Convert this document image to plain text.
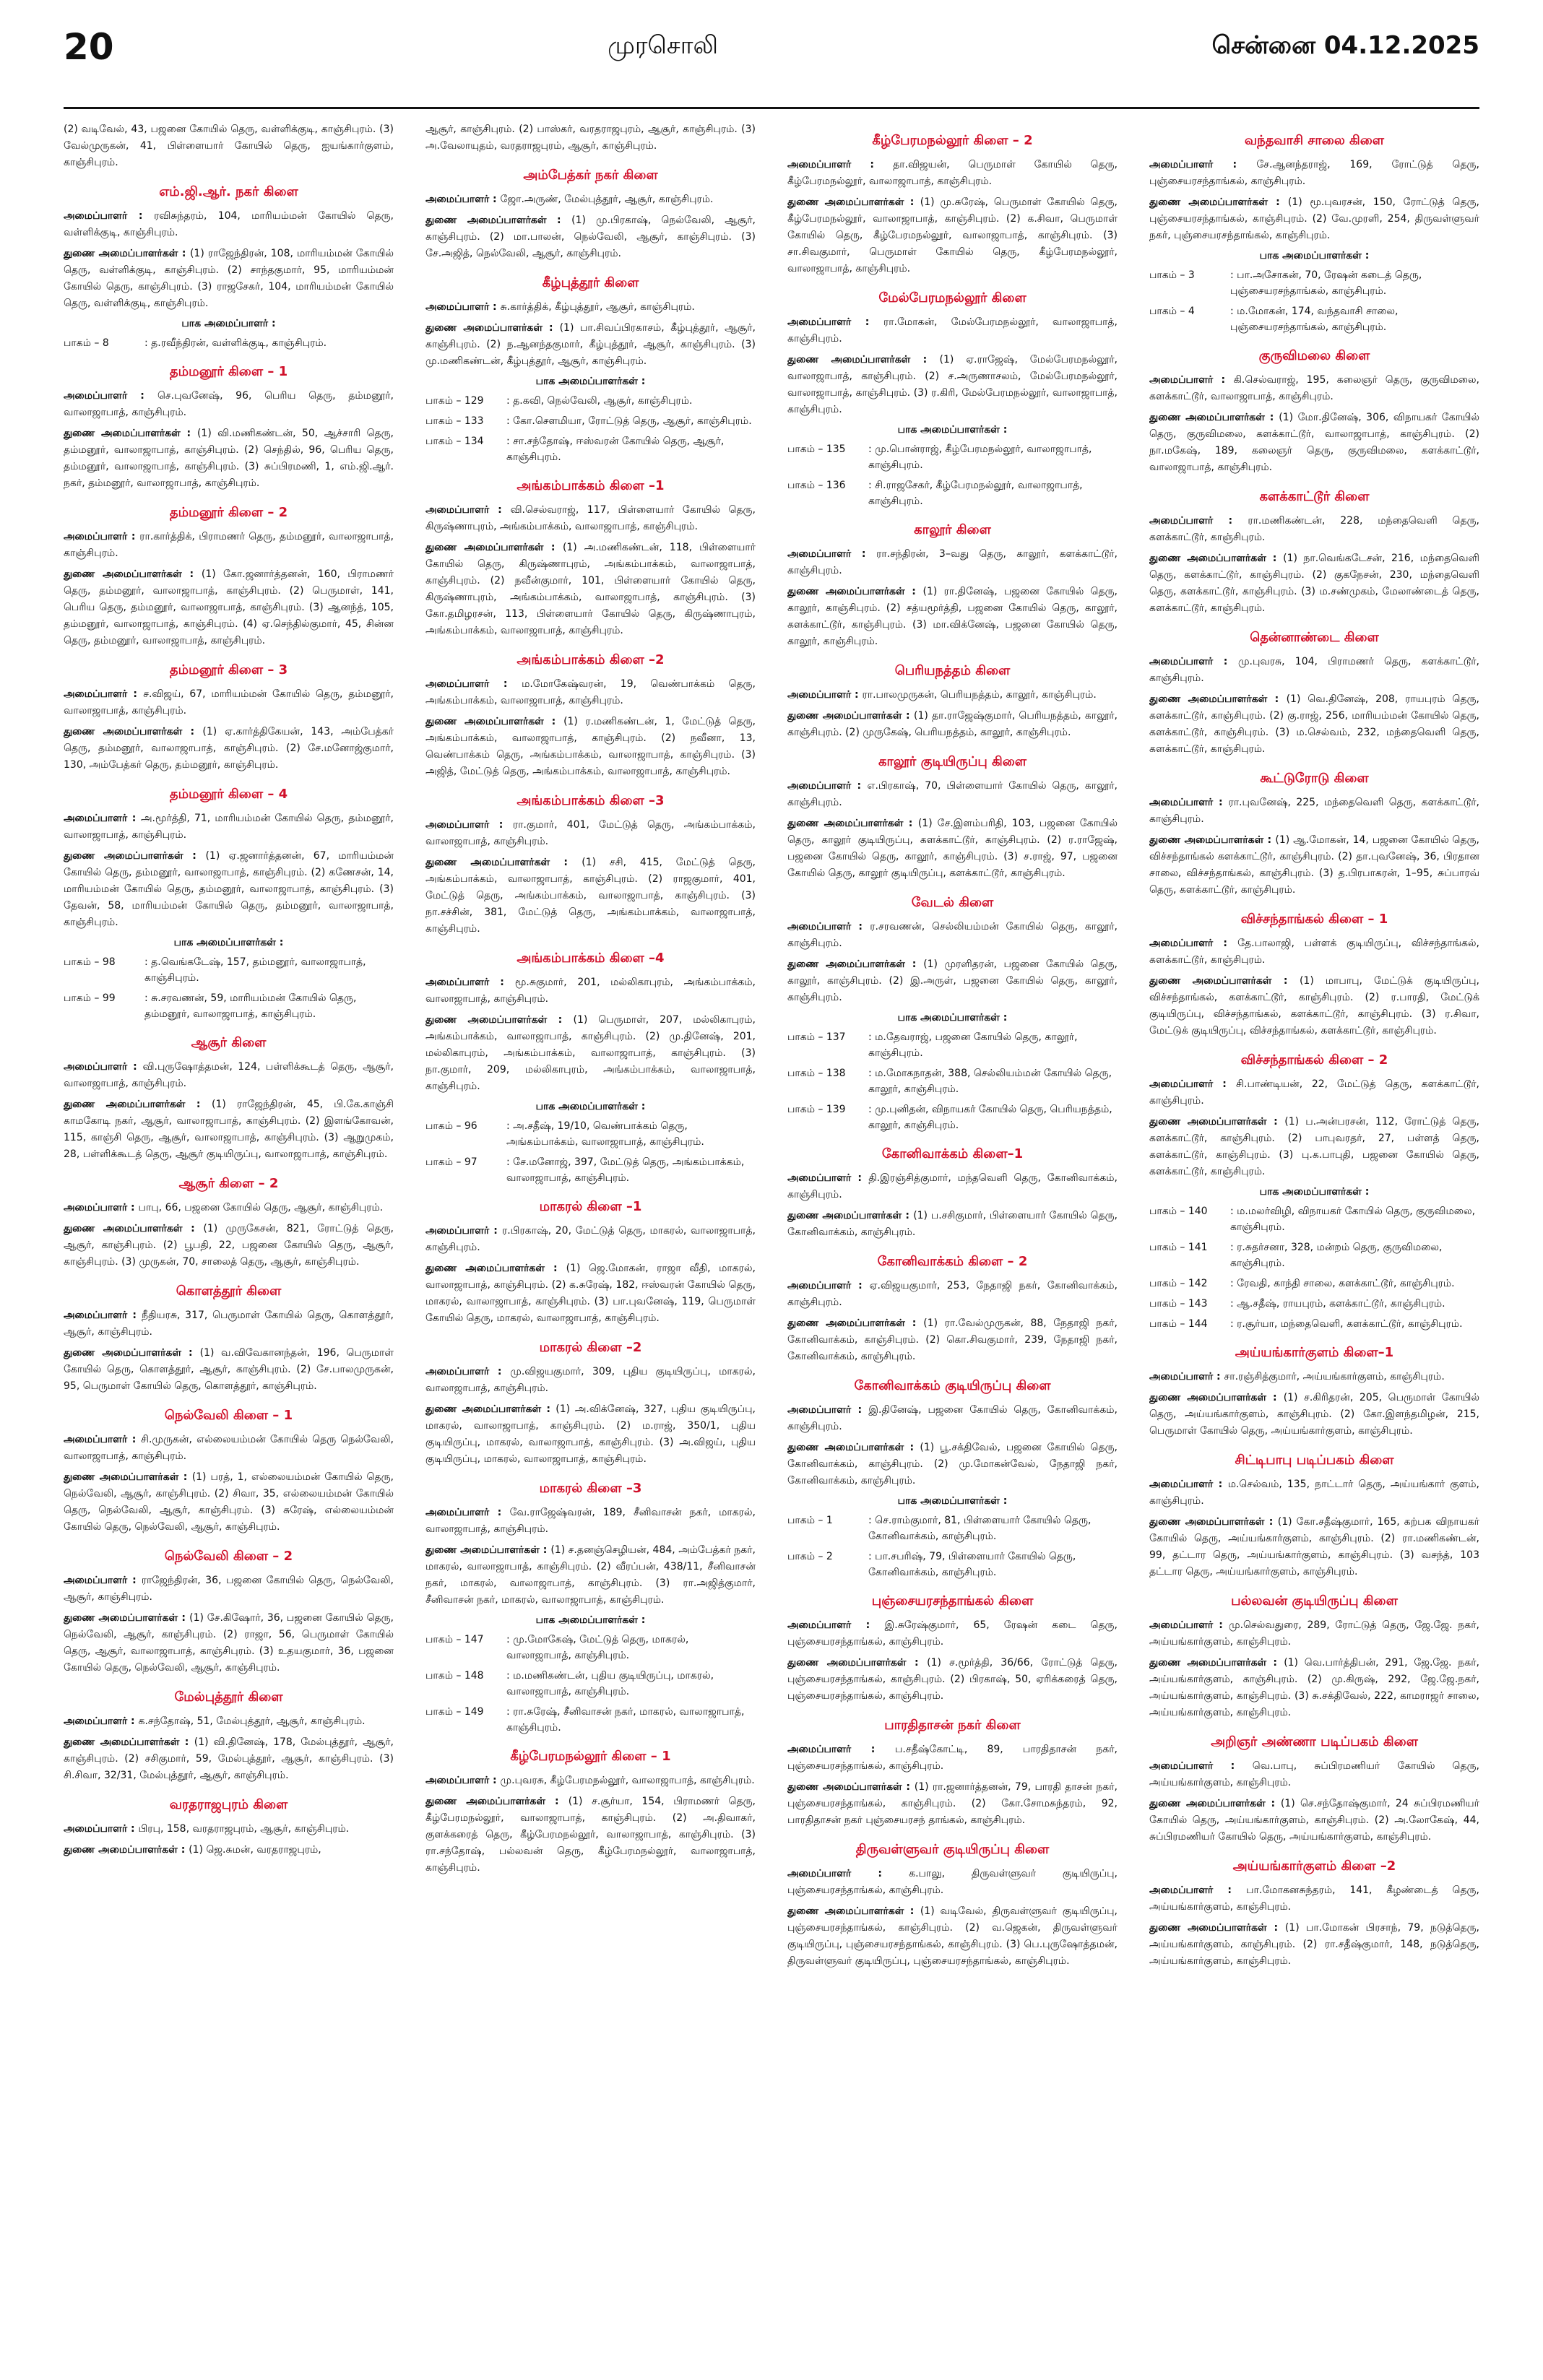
20	முரசொலி	சென்னை 04.12.2025

(2) வடிவேல், 43, பஜனை கோயில் தெரு, வள்ளிக்குடி, காஞ்சிபுரம். (3) வேல்முருகன், 41, பிள்ளையார் கோயில் தெரு, ஐயங்கார்குளம், காஞ்சிபுரம்.

எம்.ஜி.ஆர். நகர் கிளை

அமைப்பாளர் : ரவிசுந்தரம், 104, மாரியம்மன் கோயில் தெரு, வள்ளிக்குடி, காஞ்சிபுரம்.

துணை அமைப்பாளர்கள் : (1) ராஜேந்திரன், 108, மாரியம்மன் கோயில் தெரு, வள்ளிக்குடி, காஞ்சிபுரம். (2) சாந்தகுமார், 95, மாரியம்மன் கோயில் தெரு, காஞ்சிபுரம். (3) ராஜசேகர், 104, மாரியம்மன் கோயில் தெரு, வள்ளிக்குடி, காஞ்சிபுரம்.

பாக அமைப்பாளர் :
பாகம் – 8	: த.ரவீந்திரன், வள்ளிக்குடி, காஞ்சிபுரம்.
தம்மனூர் கிளை – 1

அமைப்பாளர் : செ.புவனேஷ், 96, பெரிய தெரு, தம்மனூர், வாலாஜாபாத், காஞ்சிபுரம்.

துணை அமைப்பாளர்கள் : (1) வி.மணிகண்டன், 50, ஆச்சாரி தெரு, தம்மனூர், வாலாஜாபாத், காஞ்சிபுரம். (2) செந்தில், 96, பெரிய தெரு, தம்மனூர், வாலாஜாபாத், காஞ்சிபுரம். (3) சுப்பிரமணி, 1, எம்.ஜி.ஆர். நகர், தம்மனூர், வாலாஜாபாத், காஞ்சிபுரம்.

தம்மனூர் கிளை – 2

அமைப்பாளர் : ரா.கார்த்திக், பிராமணர் தெரு, தம்மனூர், வாலாஜாபாத், காஞ்சிபுரம்.

துணை அமைப்பாளர்கள் : (1) கோ.ஜனார்த்தனன், 160, பிராமணர் தெரு, தம்மனூர், வாலாஜாபாத், காஞ்சிபுரம். (2) பெருமாள், 141, பெரிய தெரு, தம்மனூர், வாலாஜாபாத், காஞ்சிபுரம். (3) ஆனந்த், 105, தம்மனூர், வாலாஜாபாத், காஞ்சிபுரம். (4) ஏ.செந்தில்குமார், 45, சின்ன தெரு, தம்மனூர், வாலாஜாபாத், காஞ்சிபுரம்.

தம்மனூர் கிளை – 3

அமைப்பாளர் : ச.விஜய், 67, மாரியம்மன் கோயில் தெரு, தம்மனூர், வாலாஜாபாத், காஞ்சிபுரம்.

துணை அமைப்பாளர்கள் : (1) ஏ.கார்த்திகேயன், 143, அம்பேத்கர் தெரு, தம்மனூர், வாலாஜாபாத், காஞ்சிபுரம். (2) சே.மனோஜ்குமார், 130, அம்பேத்கர் தெரு, தம்மனூர், காஞ்சிபுரம்.

தம்மனூர் கிளை – 4

அமைப்பாளர் : அ.மூர்த்தி, 71, மாரியம்மன் கோயில் தெரு, தம்மனூர், வாலாஜாபாத், காஞ்சிபுரம்.

துணை அமைப்பாளர்கள் : (1) ஏ.ஜனார்த்தனன், 67, மாரியம்மன் கோயில் தெரு, தம்மனூர், வாலாஜாபாத், காஞ்சிபுரம். (2) கணேசன், 14, மாரியம்மன் கோயில் தெரு, தம்மனூர், வாலாஜாபாத், காஞ்சிபுரம். (3) தேவன், 58, மாரியம்மன் கோயில் தெரு, தம்மனூர், வாலாஜாபாத், காஞ்சிபுரம்.

பாக அமைப்பாளர்கள் :
பாகம் – 98	: த.வெங்கடேஷ், 157, தம்மனூர், வாலாஜாபாத், காஞ்சிபுரம்.
பாகம் – 99	: சு.சரவணன், 59, மாரியம்மன் கோயில் தெரு, தம்மனூர், வாலாஜாபாத், காஞ்சிபுரம்.
ஆசூர் கிளை

அமைப்பாளர் : வி.புருஷோத்தமன், 124, பள்ளிக்கூடத் தெரு, ஆசூர், வாலாஜாபாத், காஞ்சிபுரம்.

துணை அமைப்பாளர்கள் : (1) ராஜேந்திரன், 45, பி.கே.காஞ்சி காமகோடி நகர், ஆசூர், வாலாஜாபாத், காஞ்சிபுரம். (2) இளங்கோவன், 115, காஞ்சி தெரு, ஆசூர், வாலாஜாபாத், காஞ்சிபுரம். (3) ஆறுமுகம், 28, பள்ளிக்கூடத் தெரு, ஆசூர் குடியிருப்பு, வாலாஜாபாத், காஞ்சிபுரம்.

ஆசூர் கிளை – 2

அமைப்பாளர் : பாபு, 66, பஜனை கோயில் தெரு, ஆசூர், காஞ்சிபுரம்.

துணை அமைப்பாளர்கள் : (1) முருகேசன், 821, ரோட்டுத் தெரு, ஆசூர், காஞ்சிபுரம். (2) பூபதி, 22, பஜனை கோயில் தெரு, ஆசூர், காஞ்சிபுரம். (3) முருகன், 70, சாலைத் தெரு, ஆசூர், காஞ்சிபுரம்.

கொளத்தூர் கிளை

அமைப்பாளர் : நீதியரசு, 317, பெருமாள் கோயில் தெரு, கொளத்தூர், ஆசூர், காஞ்சிபுரம்.

துணை அமைப்பாளர்கள் : (1) வ.விவேகானந்தன், 196, பெருமாள் கோயில் தெரு, கொளத்தூர், ஆசூர், காஞ்சிபுரம். (2) சே.பாலமுருகன், 95, பெருமாள் கோயில் தெரு, கொளத்தூர், காஞ்சிபுரம்.

நெல்வேலி கிளை – 1

அமைப்பாளர் : சி.முருகன், எல்லையம்மன் கோயில் தெரு நெல்வேலி, வாலாஜாபாத், காஞ்சிபுரம்.

துணை அமைப்பாளர்கள் : (1) பரத், 1, எல்லையம்மன் கோயில் தெரு, நெல்வேலி, ஆசூர், காஞ்சிபுரம். (2) சிவா, 35, எல்லையம்மன் கோயில் தெரு, நெல்வேலி, ஆசூர், காஞ்சிபுரம். (3) சுரேஷ், எல்லையம்மன் கோயில் தெரு, நெல்வேலி, ஆசூர், காஞ்சிபுரம்.

நெல்வேலி கிளை – 2

அமைப்பாளர் : ராஜேந்திரன், 36, பஜனை கோயில் தெரு, நெல்வேலி, ஆசூர், காஞ்சிபுரம்.

துணை அமைப்பாளர்கள் : (1) சே.கிஷோர், 36, பஜனை கோயில் தெரு, நெல்வேலி, ஆசூர், காஞ்சிபுரம். (2) ராஜா, 56, பெருமாள் கோயில் தெரு, ஆசூர், வாலாஜாபாத், காஞ்சிபுரம். (3) உதயகுமார், 36, பஜனை கோயில் தெரு, நெல்வேலி, ஆசூர், காஞ்சிபுரம்.

மேல்புத்தூர் கிளை

அமைப்பாளர் : க.சந்தோஷ், 51, மேல்புத்தூர், ஆசூர், காஞ்சிபுரம்.

துணை அமைப்பாளர்கள் : (1) வி.தினேஷ், 178, மேல்புத்தூர், ஆசூர், காஞ்சிபுரம். (2) சசிகுமார், 59, மேல்புத்தூர், ஆசூர், காஞ்சிபுரம். (3) சி.சிவா, 32/31, மேல்புத்தூர், ஆசூர், காஞ்சிபுரம்.

வரதராஜபுரம் கிளை

அமைப்பாளர் : பிரபு, 158, வரதராஜபுரம், ஆசூர், காஞ்சிபுரம்.

துணை அமைப்பாளர்கள் : (1) ஜெ.சுமன், வரதராஜபுரம்,

ஆசூர், காஞ்சிபுரம். (2) பாஸ்கர், வரதராஜபுரம், ஆசூர், காஞ்சிபுரம். (3) அ.வேலாயுதம், வரதராஜபுரம், ஆசூர், காஞ்சிபுரம்.

அம்பேத்கர் நகர் கிளை

அமைப்பாளர் : ஜோ.அருண், மேல்புத்தூர், ஆசூர், காஞ்சிபுரம்.

துணை அமைப்பாளர்கள் : (1) மு.பிரகாஷ், நெல்வேலி, ஆசூர், காஞ்சிபுரம். (2) மா.பாலன், நெல்வேலி, ஆசூர், காஞ்சிபுரம். (3) சே.அஜித், நெல்வேலி, ஆசூர், காஞ்சிபுரம்.

கீழ்புத்தூர் கிளை

அமைப்பாளர் : சு.கார்த்திக், கீழ்புத்தூர், ஆசூர், காஞ்சிபுரம்.

துணை அமைப்பாளர்கள் : (1) பா.சிவப்பிரகாசம், கீழ்புத்தூர், ஆசூர், காஞ்சிபுரம். (2) ந.ஆனந்தகுமார், கீழ்புத்தூர், ஆசூர், காஞ்சிபுரம். (3) மு.மணிகண்டன், கீழ்புத்தூர், ஆசூர், காஞ்சிபுரம்.

பாக அமைப்பாளர்கள் :
பாகம் – 129	: த.கவி, நெல்வேலி, ஆசூர், காஞ்சிபுரம்.
பாகம் – 133	: கோ.சௌமியா, ரோட்டுத் தெரு, ஆசூர், காஞ்சிபுரம்.
பாகம் – 134	: சா.சந்தோஷ், ஈஸ்வரன் கோயில் தெரு, ஆசூர், காஞ்சிபுரம்.
அங்கம்பாக்கம் கிளை –1

அமைப்பாளர் : வி.செல்வராஜ், 117, பிள்ளையார் கோயில் தெரு, கிருஷ்ணாபுரம், அங்கம்பாக்கம், வாலாஜாபாத், காஞ்சிபுரம்.

துணை அமைப்பாளர்கள் : (1) அ.மணிகண்டன், 118, பிள்ளையார் கோயில் தெரு, கிருஷ்ணாபுரம், அங்கம்பாக்கம், வாலாஜாபாத், காஞ்சிபுரம். (2) நவீன்குமார், 101, பிள்ளையார் கோயில் தெரு, கிருஷ்ணாபுரம், அங்கம்பாக்கம், வாலாஜாபாத், காஞ்சிபுரம். (3) கோ.தமிழரசன், 113, பிள்ளையார் கோயில் தெரு, கிருஷ்ணாபுரம், அங்கம்பாக்கம், வாலாஜாபாத், காஞ்சிபுரம்.

அங்கம்பாக்கம் கிளை –2

அமைப்பாளர் : ம.மோகேஷ்வரன், 19, வெண்பாக்கம் தெரு, அங்கம்பாக்கம், வாலாஜாபாத், காஞ்சிபுரம்.

துணை அமைப்பாளர்கள் : (1) ர.மணிகண்டன், 1, மேட்டுத் தெரு, அங்கம்பாக்கம், வாலாஜாபாத், காஞ்சிபுரம். (2) நவீனா, 13, வெண்பாக்கம் தெரு, அங்கம்பாக்கம், வாலாஜாபாத், காஞ்சிபுரம். (3) அஜித், மேட்டுத் தெரு, அங்கம்பாக்கம், வாலாஜாபாத், காஞ்சிபுரம்.

அங்கம்பாக்கம் கிளை –3

அமைப்பாளர் : ரா.குமார், 401, மேட்டுத் தெரு, அங்கம்பாக்கம், வாலாஜாபாத், காஞ்சிபுரம்.

துணை அமைப்பாளர்கள் : (1) சசி, 415, மேட்டுத் தெரு, அங்கம்பாக்கம், வாலாஜாபாத், காஞ்சிபுரம். (2) ராஜகுமார், 401, மேட்டுத் தெரு, அங்கம்பாக்கம், வாலாஜாபாத், காஞ்சிபுரம். (3) நா.சச்சின், 381, மேட்டுத் தெரு, அங்கம்பாக்கம், வாலாஜாபாத், காஞ்சிபுரம்.

அங்கம்பாக்கம் கிளை –4

அமைப்பாளர் : மூ.சுகுமார், 201, மல்லிகாபுரம், அங்கம்பாக்கம், வாலாஜாபாத், காஞ்சிபுரம்.

துணை அமைப்பாளர்கள் : (1) பெருமாள், 207, மல்லிகாபுரம், அங்கம்பாக்கம், வாலாஜாபாத், காஞ்சிபுரம். (2) மு.தினேஷ், 201, மல்லிகாபுரம், அங்கம்பாக்கம், வாலாஜாபாத், காஞ்சிபுரம். (3) நா.குமார், 209, மல்லிகாபுரம், அங்கம்பாக்கம், வாலாஜாபாத், காஞ்சிபுரம்.

பாக அமைப்பாளர்கள் :
பாகம் – 96	: அ.சதீஷ், 19/10, வெண்பாக்கம் தெரு, அங்கம்பாக்கம், வாலாஜாபாத், காஞ்சிபுரம்.
பாகம் – 97	: சே.மனோஜ், 397, மேட்டுத் தெரு, அங்கம்பாக்கம், வாலாஜாபாத், காஞ்சிபுரம்.
மாகரல் கிளை –1

அமைப்பாளர் : ர.பிரகாஷ், 20, மேட்டுத் தெரு, மாகரல், வாலாஜாபாத், காஞ்சிபுரம்.

துணை அமைப்பாளர்கள் : (1) ஜெ.மோகன், ராஜா வீதி, மாகரல், வாலாஜாபாத், காஞ்சிபுரம். (2) க.சுரேஷ், 182, ஈஸ்வரன் கோயில் தெரு, மாகரல், வாலாஜாபாத், காஞ்சிபுரம். (3) பா.புவனேஷ், 119, பெருமாள் கோயில் தெரு, மாகரல், வாலாஜாபாத், காஞ்சிபுரம்.

மாகரல் கிளை –2

அமைப்பாளர் : மு.விஜயகுமார், 309, புதிய குடியிருப்பு, மாகரல், வாலாஜாபாத், காஞ்சிபுரம்.

துணை அமைப்பாளர்கள் : (1) அ.விக்னேஷ், 327, புதிய குடியிருப்பு, மாகரல், வாலாஜாபாத், காஞ்சிபுரம். (2) ம.ராஜ், 350/1, புதிய குடியிருப்பு, மாகரல், வாலாஜாபாத், காஞ்சிபுரம். (3) அ.விஜய், புதிய குடியிருப்பு, மாகரல், வாலாஜாபாத், காஞ்சிபுரம்.

மாகரல் கிளை –3

அமைப்பாளர் : வே.ராஜேஷ்வரன், 189, சீனிவாசன் நகர், மாகரல், வாலாஜாபாத், காஞ்சிபுரம்.

துணை அமைப்பாளர்கள் : (1) ச.தனஞ்செழியன், 484, அம்பேத்கர் நகர், மாகரல், வாலாஜாபாத், காஞ்சிபுரம். (2) வீரப்பன், 438/11, சீனிவாசன் நகர், மாகரல், வாலாஜாபாத், காஞ்சிபுரம். (3) ரா.அஜித்குமார், சீனிவாசன் நகர், மாகரல், வாலாஜாபாத், காஞ்சிபுரம்.

பாக அமைப்பாளர்கள் :
பாகம் – 147	: மு.மோகேஷ், மேட்டுத் தெரு, மாகரல், வாலாஜாபாத், காஞ்சிபுரம்.
பாகம் – 148	: ம.மணிகண்டன், புதிய குடியிருப்பு, மாகரல், வாலாஜாபாத், காஞ்சிபுரம்.
பாகம் – 149	: ரா.சுரேஷ், சீனிவாசன் நகர், மாகரல், வாலாஜாபாத், காஞ்சிபுரம்.
கீழ்பேரமநல்லூர் கிளை – 1

அமைப்பாளர் : மு.புவரசு, கீழ்பேரமநல்லூர், வாலாஜாபாத், காஞ்சிபுரம்.

துணை அமைப்பாளர்கள் : (1) ச.சூர்யா, 154, பிராமணர் தெரு, கீழ்பேரமநல்லூர், வாலாஜாபாத், காஞ்சிபுரம். (2) அ.திவாகர், குளக்கரைத் தெரு, கீழ்பேரமநல்லூர், வாலாஜாபாத், காஞ்சிபுரம். (3) ரா.சந்தோஷ், பல்லவன் தெரு, கீழ்பேரமநல்லூர், வாலாஜாபாத், காஞ்சிபுரம்.

கீழ்பேரமநல்லூர் கிளை – 2

அமைப்பாளர் : தா.விஜயன், பெருமாள் கோயில் தெரு, கீழ்பேரமநல்லூர், வாலாஜாபாத், காஞ்சிபுரம்.

துணை அமைப்பாளர்கள் : (1) மு.சுரேஷ், பெருமாள் கோயில் தெரு, கீழ்பேரமநல்லூர், வாலாஜாபாத், காஞ்சிபுரம். (2) க.சிவா, பெருமாள் கோயில் தெரு, கீழ்பேரமநல்லூர், வாலாஜாபாத், காஞ்சிபுரம். (3) சா.சிவகுமார், பெருமாள் கோயில் தெரு, கீழ்பேரமநல்லூர், வாலாஜாபாத், காஞ்சிபுரம்.

மேல்பேரமநல்லூர் கிளை

அமைப்பாளர் : ரா.மோகன், மேல்பேரமநல்லூர், வாலாஜாபாத், காஞ்சிபுரம்.

துணை அமைப்பாளர்கள் : (1) ஏ.ராஜேஷ், மேல்பேரமநல்லூர், வாலாஜாபாத், காஞ்சிபுரம். (2) ச.அருணாசலம், மேல்பேரமநல்லூர், வாலாஜாபாத், காஞ்சிபுரம். (3) ர.கிரி, மேல்பேரமநல்லூர், வாலாஜாபாத், காஞ்சிபுரம்.

பாக அமைப்பாளர்கள் :
பாகம் – 135	: மு.பொன்ராஜ், கீழ்பேரமநல்லூர், வாலாஜாபாத், காஞ்சிபுரம்.
பாகம் – 136	: சி.ராஜசேகர், கீழ்பேரமநல்லூர், வாலாஜாபாத், காஞ்சிபுரம்.
காலூர் கிளை

அமைப்பாளர் : ரா.சந்திரன், 3–வது தெரு, காலூர், களக்காட்டூர், காஞ்சிபுரம்.

துணை அமைப்பாளர்கள் : (1) ரா.தினேஷ், பஜனை கோயில் தெரு, காலூர், காஞ்சிபுரம். (2) சத்யமூர்த்தி, பஜனை கோயில் தெரு, காலூர், களக்காட்டூர், காஞ்சிபுரம். (3) மா.விக்னேஷ், பஜனை கோயில் தெரு, காலூர், காஞ்சிபுரம்.

பெரியநத்தம் கிளை

அமைப்பாளர் : ரா.பாலமுருகன், பெரியநத்தம், காலூர், காஞ்சிபுரம்.

துணை அமைப்பாளர்கள் : (1) தா.ராஜேஷ்குமார், பெரியநத்தம், காலூர், காஞ்சிபுரம். (2) முருகேஷ், பெரியநத்தம், காலூர், காஞ்சிபுரம்.

காலூர் குடியிருப்பு கிளை

அமைப்பாளர் : எ.பிரகாஷ், 70, பிள்ளையார் கோயில் தெரு, காலூர், காஞ்சிபுரம்.

துணை அமைப்பாளர்கள் : (1) சே.இளம்பரிதி, 103, பஜனை கோயில் தெரு, காலூர் குடியிருப்பு, களக்காட்டூர், காஞ்சிபுரம். (2) ர.ராஜேஷ், பஜனை கோயில் தெரு, காலூர், காஞ்சிபுரம். (3) ச.ராஜ், 97, பஜனை கோயில் தெரு, காலூர் குடியிருப்பு, களக்காட்டூர், காஞ்சிபுரம்.

வேடல் கிளை

அமைப்பாளர் : ர.சரவணன், செல்லியம்மன் கோயில் தெரு, காலூர், காஞ்சிபுரம்.

துணை அமைப்பாளர்கள் : (1) முரளிதரன், பஜனை கோயில் தெரு, காலூர், காஞ்சிபுரம். (2) இ.அருள், பஜனை கோயில் தெரு, காலூர், காஞ்சிபுரம்.

பாக அமைப்பாளர்கள் :
பாகம் – 137	: ம.தேவராஜ், பஜனை கோயில் தெரு, காலூர், காஞ்சிபுரம்.
பாகம் – 138	: ம.மோகநாதன், 388, செல்லியம்மன் கோயில் தெரு, காலூர், காஞ்சிபுரம்.
பாகம் – 139	: மு.புனிதன், விநாயகர் கோயில் தெரு, பெரியநத்தம், காலூர், காஞ்சிபுரம்.
கோனிவாக்கம் கிளை–1

அமைப்பாளர் : தி.இரஞ்சித்குமார், மந்தவெளி தெரு, கோனிவாக்கம், காஞ்சிபுரம்.

துணை அமைப்பாளர்கள் : (1) ப.சசிகுமார், பிள்ளையார் கோயில் தெரு, கோனிவாக்கம், காஞ்சிபுரம்.

கோனிவாக்கம் கிளை – 2

அமைப்பாளர் : ஏ.விஜயகுமார், 253, நேதாஜி நகர், கோனிவாக்கம், காஞ்சிபுரம்.

துணை அமைப்பாளர்கள் : (1) ரா.வேல்முருகன், 88, நேதாஜி நகர், கோனிவாக்கம், காஞ்சிபுரம். (2) கொ.சிவகுமார், 239, நேதாஜி நகர், கோனிவாக்கம், காஞ்சிபுரம்.

கோனிவாக்கம் குடியிருப்பு கிளை

அமைப்பாளர் : இ.தினேஷ், பஜனை கோயில் தெரு, கோனிவாக்கம், காஞ்சிபுரம்.

துணை அமைப்பாளர்கள் : (1) பூ.சக்திவேல், பஜனை கோயில் தெரு, கோனிவாக்கம், காஞ்சிபுரம். (2) மு.மோகன்வேல், நேதாஜி நகர், கோனிவாக்கம், காஞ்சிபுரம்.

பாக அமைப்பாளர்கள் :
பாகம் – 1	: செ.ராம்குமார், 81, பிள்ளையார் கோயில் தெரு, கோனிவாக்கம், காஞ்சிபுரம்.
பாகம் – 2	: பா.சபரிஷ், 79, பிள்ளையார் கோயில் தெரு, கோனிவாக்கம், காஞ்சிபுரம்.
புஞ்சையரசந்தாங்கல் கிளை

அமைப்பாளர் : இ.சுரேஷ்குமார், 65, ரேஷன் கடை தெரு, புஞ்சையரசந்தாங்கல், காஞ்சிபுரம்.

துணை அமைப்பாளர்கள் : (1) ச.மூர்த்தி, 36/66, ரோட்டுத் தெரு, புஞ்சையரசந்தாங்கல், காஞ்சிபுரம். (2) பிரகாஷ், 50, ஏரிக்கரைத் தெரு, புஞ்சையரசந்தாங்கல், காஞ்சிபுரம்.

பாரதிதாசன் நகர் கிளை

அமைப்பாளர் : ப.சதீஷ்கோட்டி, 89, பாரதிதாசன் நகர், புஞ்சையரசந்தாங்கல், காஞ்சிபுரம்.

துணை அமைப்பாளர்கள் : (1) ரா.ஜனார்த்தனன், 79, பாரதி தாசன் நகர், புஞ்சையரசந்தாங்கல், காஞ்சிபுரம். (2) கோ.சோமசுந்தரம், 92, பாரதிதாசன் நகர் புஞ்சையரசந் தாங்கல், காஞ்சிபுரம்.

திருவள்ளுவர் குடியிருப்பு கிளை

அமைப்பாளர் : க.பாலு, திருவள்ளுவர் குடியிருப்பு, புஞ்சையரசந்தாங்கல், காஞ்சிபுரம்.

துணை அமைப்பாளர்கள் : (1) வடிவேல், திருவள்ளுவர் குடியிருப்பு, புஞ்சையரசந்தாங்கல், காஞ்சிபுரம். (2) வ.ஜெகன், திருவள்ளுவர் குடியிருப்பு, புஞ்சையரசந்தாங்கல், காஞ்சிபுரம். (3) பெ.புருஷோத்தமன், திருவள்ளுவர் குடியிருப்பு, புஞ்சையரசந்தாங்கல், காஞ்சிபுரம்.

வந்தவாசி சாலை கிளை

அமைப்பாளர் : சே.ஆனந்தராஜ், 169, ரோட்டுத் தெரு, புஞ்சையரசந்தாங்கல், காஞ்சிபுரம்.

துணை அமைப்பாளர்கள் : (1) மூ.புவரசன், 150, ரோட்டுத் தெரு, புஞ்சையரசந்தாங்கல், காஞ்சிபுரம். (2) வே.முரளி, 254, திருவள்ளுவர் நகர், புஞ்சையரசந்தாங்கல், காஞ்சிபுரம்.

பாக அமைப்பாளர்கள் :
பாகம் – 3	: பா.அசோகன், 70, ரேஷன் கடைத் தெரு, புஞ்சையரசந்தாங்கல், காஞ்சிபுரம்.
பாகம் – 4	: ம.மோகன், 174, வந்தவாசி சாலை, புஞ்சையரசந்தாங்கல், காஞ்சிபுரம்.
குருவிமலை கிளை

அமைப்பாளர் : கி.செல்வராஜ், 195, கலைஞர் தெரு, குருவிமலை, களக்காட்டூர், வாலாஜாபாத், காஞ்சிபுரம்.

துணை அமைப்பாளர்கள் : (1) மோ.தினேஷ், 306, விநாயகர் கோயில் தெரு, குருவிமலை, களக்காட்டூர், வாலாஜாபாத், காஞ்சிபுரம். (2) நா.மகேஷ், 189, கலைஞர் தெரு, குருவிமலை, களக்காட்டூர், வாலாஜாபாத், காஞ்சிபுரம்.

களக்காட்டூர் கிளை

அமைப்பாளர் : ரா.மணிகண்டன், 228, மந்தைவெளி தெரு, களக்காட்டூர், காஞ்சிபுரம்.

துணை அமைப்பாளர்கள் : (1) நா.வெங்கடேசன், 216, மந்தைவெளி தெரு, களக்காட்டூர், காஞ்சிபுரம். (2) குகநேசன், 230, மந்தைவெளி தெரு, களக்காட்டூர், காஞ்சிபுரம். (3) ம.சண்முகம், மேலாண்டைத் தெரு, களக்காட்டூர், காஞ்சிபுரம்.

தென்னாண்டை கிளை

அமைப்பாளர் : மு.புவரசு, 104, பிராமணர் தெரு, களக்காட்டூர், காஞ்சிபுரம்.

துணை அமைப்பாளர்கள் : (1) வெ.தினேஷ், 208, ராயபுரம் தெரு, களக்காட்டூர், காஞ்சிபுரம். (2) கு.ராஜ், 256, மாரியம்மன் கோயில் தெரு, களக்காட்டூர், காஞ்சிபுரம். (3) ம.செல்வம், 232, மந்தைவெளி தெரு, களக்காட்டூர், காஞ்சிபுரம்.

கூட்டுரோடு கிளை

அமைப்பாளர் : ரா.புவனேஷ், 225, மந்தைவெளி தெரு, களக்காட்டூர், காஞ்சிபுரம்.

துணை அமைப்பாளர்கள் : (1) ஆ.மோகன், 14, பஜனை கோயில் தெரு, விச்சந்தாங்கல் களக்காட்டூர், காஞ்சிபுரம். (2) தா.புவனேஷ், 36, பிரதான சாலை, விச்சந்தாங்கல், காஞ்சிபுரம். (3) த.பிரபாகரன், 1–95, சுப்பாரவ் தெரு, களக்காட்டூர், காஞ்சிபுரம்.

விச்சந்தாங்கல் கிளை – 1

அமைப்பாளர் : தே.பாலாஜி, பள்ளக் குடியிருப்பு, விச்சந்தாங்கல், களக்காட்டூர், காஞ்சிபுரம்.

துணை அமைப்பாளர்கள் : (1) மாபாபு, மேட்டுக் குடியிருப்பு, விச்சந்தாங்கல், களக்காட்டூர், காஞ்சிபுரம். (2) ர.பாரதி, மேட்டுக் குடியிருப்பு, விச்சந்தாங்கல், களக்காட்டூர், காஞ்சிபுரம். (3) ர.சிவா, மேட்டுக் குடியிருப்பு, விச்சந்தாங்கல், களக்காட்டூர், காஞ்சிபுரம்.

விச்சந்தாங்கல் கிளை – 2

அமைப்பாளர் : சி.பாண்டியன், 22, மேட்டுத் தெரு, களக்காட்டூர், காஞ்சிபுரம்.

துணை அமைப்பாளர்கள் : (1) ப.அன்பரசன், 112, ரோட்டுத் தெரு, களக்காட்டூர், காஞ்சிபுரம். (2) பாபுவரதர், 27, பள்ளத் தெரு, களக்காட்டூர், காஞ்சிபுரம். (3) பு.க.பாபுதி, பஜனை கோயில் தெரு, களக்காட்டூர், காஞ்சிபுரம்.

பாக அமைப்பாளர்கள் :
பாகம் – 140	: ம.மலர்விழி, விநாயகர் கோயில் தெரு, குருவிமலை, காஞ்சிபுரம்.
பாகம் – 141	: ர.சுதர்சனா, 328, மன்றம் தெரு, குருவிமலை, காஞ்சிபுரம்.
பாகம் – 142	: ரேவதி, காந்தி சாலை, களக்காட்டூர், காஞ்சிபுரம்.
பாகம் – 143	: ஆ.சதீஷ், ராயபுரம், களக்காட்டூர், காஞ்சிபுரம்.
பாகம் – 144	: ர.சூர்யா, மந்தைவெளி, களக்காட்டூர், காஞ்சிபுரம்.
அய்யங்கார்குளம் கிளை–1

அமைப்பாளர் : சா.ரஞ்சித்குமார், அய்யங்கார்குளம், காஞ்சிபுரம்.

துணை அமைப்பாளர்கள் : (1) ச.கிரிதரன், 205, பெருமாள் கோயில் தெரு, அய்யங்கார்குளம், காஞ்சிபுரம். (2) கோ.இளந்தமிழன், 215, பெருமாள் கோயில் தெரு, அய்யங்கார்குளம், காஞ்சிபுரம்.

சிட்டிபாபு படிப்பகம் கிளை

அமைப்பாளர் : ம.செல்வம், 135, நாட்டார் தெரு, அய்யங்கார் குளம், காஞ்சிபுரம்.

துணை அமைப்பாளர்கள் : (1) கோ.சதீஷ்குமார், 165, கற்பக விநாயகர் கோயில் தெரு, அய்யங்கார்குளம், காஞ்சிபுரம். (2) ரா.மணிகண்டன், 99, தட்டார தெரு, அய்யங்கார்குளம், காஞ்சிபுரம். (3) வசந்த், 103 தட்டார தெரு, அய்யங்கார்குளம், காஞ்சிபுரம்.

பல்லவன் குடியிருப்பு கிளை

அமைப்பாளர் : மு.செல்வதுரை, 289, ரோட்டுத் தெரு, ஜே.ஜே. நகர், அய்யங்கார்குளம், காஞ்சிபுரம்.

துணை அமைப்பாளர்கள் : (1) வெ.பார்த்திபன், 291, ஜே.ஜே. நகர், அய்யங்கார்குளம், காஞ்சிபுரம். (2) மு.கிருஷ், 292, ஜே.ஜே.நகர், அய்யங்கார்குளம், காஞ்சிபுரம். (3) சு.சக்திவேல், 222, காமராஜர் சாலை, அய்யங்கார்குளம், காஞ்சிபுரம்.

அறிஞர் அண்ணா படிப்பகம் கிளை

அமைப்பாளர் : வெ.பாபு, சுப்பிரமணியர் கோயில் தெரு, அய்யங்கார்குளம், காஞ்சிபுரம்.

துணை அமைப்பாளர்கள் : (1) செ.சந்தோஷ்குமார், 24 சுப்பிரமணியர் கோயில் தெரு, அய்யங்கார்குளம், காஞ்சிபுரம். (2) அ.லோகேஷ், 44, சுப்பிரமணியர் கோயில் தெரு, அய்யங்கார்குளம், காஞ்சிபுரம்.

அய்யங்கார்குளம் கிளை –2

அமைப்பாளர் : பா.மோகனசுந்தரம், 141, கீழண்டைத் தெரு, அய்யங்கார்குளம், காஞ்சிபுரம்.

துணை அமைப்பாளர்கள் : (1) பா.மோகன் பிரசாந், 79, நடுத்தெரு, அய்யங்கார்குளம், காஞ்சிபுரம். (2) ரா.சதீஷ்குமார், 148, நடுத்தெரு, அய்யங்கார்குளம், காஞ்சிபுரம்.
